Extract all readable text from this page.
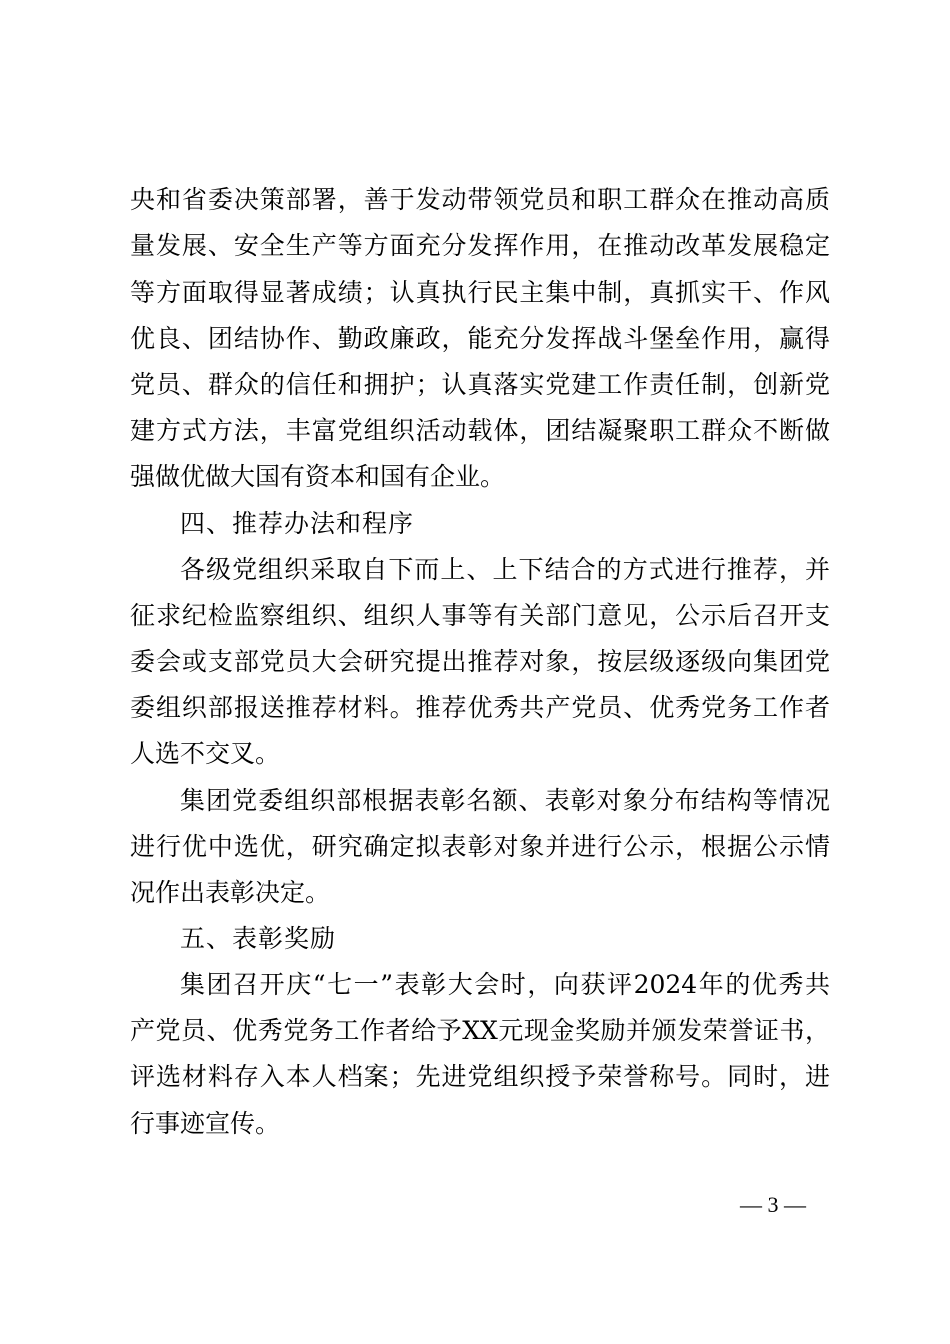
央和省委决策部署，善于发动带领党员和职工群众在推动高质
量发展、安全生产等方面充分发挥作用，在推动改革发展稳定
等方面取得显著成绩；认真执行民主集中制，真抓实干、作风
优良、团结协作、勤政廉政，能充分发挥战斗堡垒作用，赢得
党员、群众的信任和拥护；认真落实党建工作责任制，创新党
建方式方法，丰富党组织活动载体，团结凝聚职工群众不断做
强做优做大国有资本和国有企业。
四、推荐办法和程序
各级党组织采取自下而上、上下结合的方式进行推荐，并
征求纪检监察组织、组织人事等有关部门意见，公示后召开支
委会或支部党员大会研究提出推荐对象，按层级逐级向集团党
委组织部报送推荐材料。推荐优秀共产党员、优秀党务工作者
人选不交叉。
集团党委组织部根据表彰名额、表彰对象分布结构等情况
进行优中选优，研究确定拟表彰对象并进行公示，根据公示情
况作出表彰决定。
五、表彰奖励
集团召开庆“七一”表彰大会时，向获评2024年的优秀共
产党员、优秀党务工作者给予XX元现金奖励并颁发荣誉证书，
评选材料存入本人档案；先进党组织授予荣誉称号。同时，进
行事迹宣传。
— 3 —
